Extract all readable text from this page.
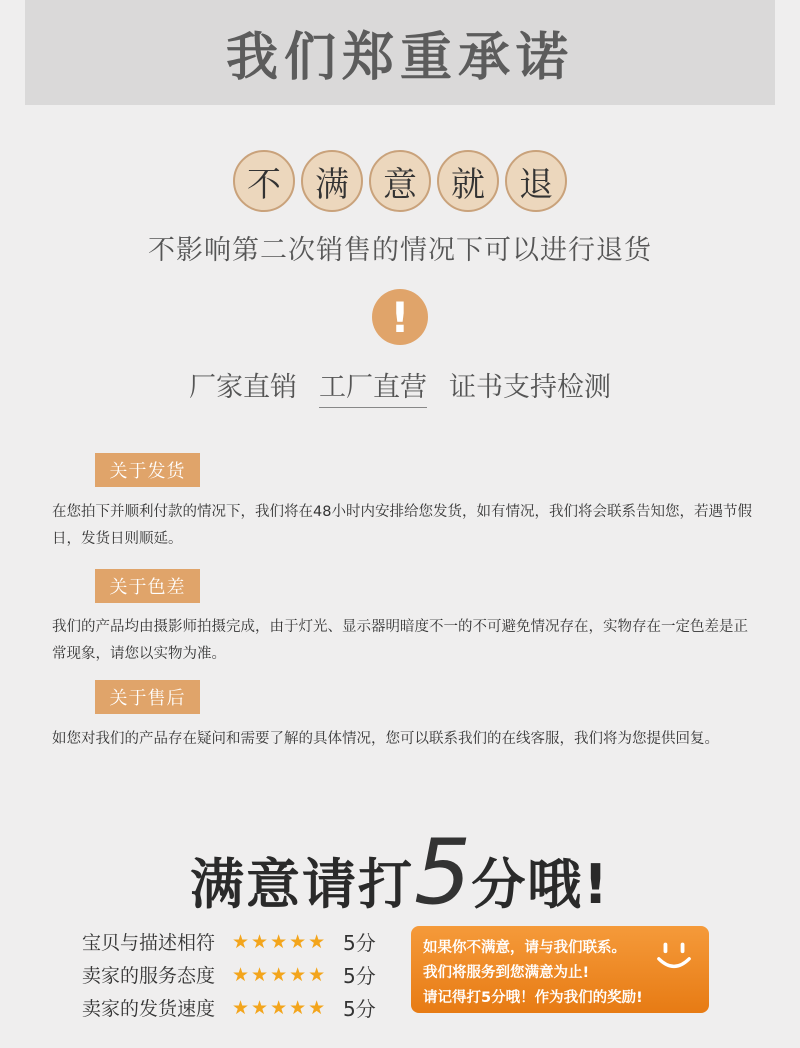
我们郑重承诺
不	满	意	就	退
不影响第二次销售的情况下可以进行退货
!
厂家直销 工厂直营 证书支持检测
关于发货
在您拍下并顺利付款的情况下，我们将在48小时内安排给您发货，如有情况，我们将会联系告知您，若遇节假日，发货日则顺延。
关于色差
我们的产品均由摄影师拍摄完成，由于灯光、显示器明暗度不一的不可避免情况存在，实物存在一定色差是正常现象，请您以实物为准。
关于售后
如您对我们的产品存在疑问和需要了解的具体情况，您可以联系我们的在线客服，我们将为您提供回复。
满意请打5分哦!
宝贝与描述相符 ★★★★★ 5分
卖家的服务态度 ★★★★★ 5分
卖家的发货速度 ★★★★★ 5分
如果你不满意，请与我们联系。
我们将服务到您满意为止!
请记得打5分哦！作为我们的奖励!
